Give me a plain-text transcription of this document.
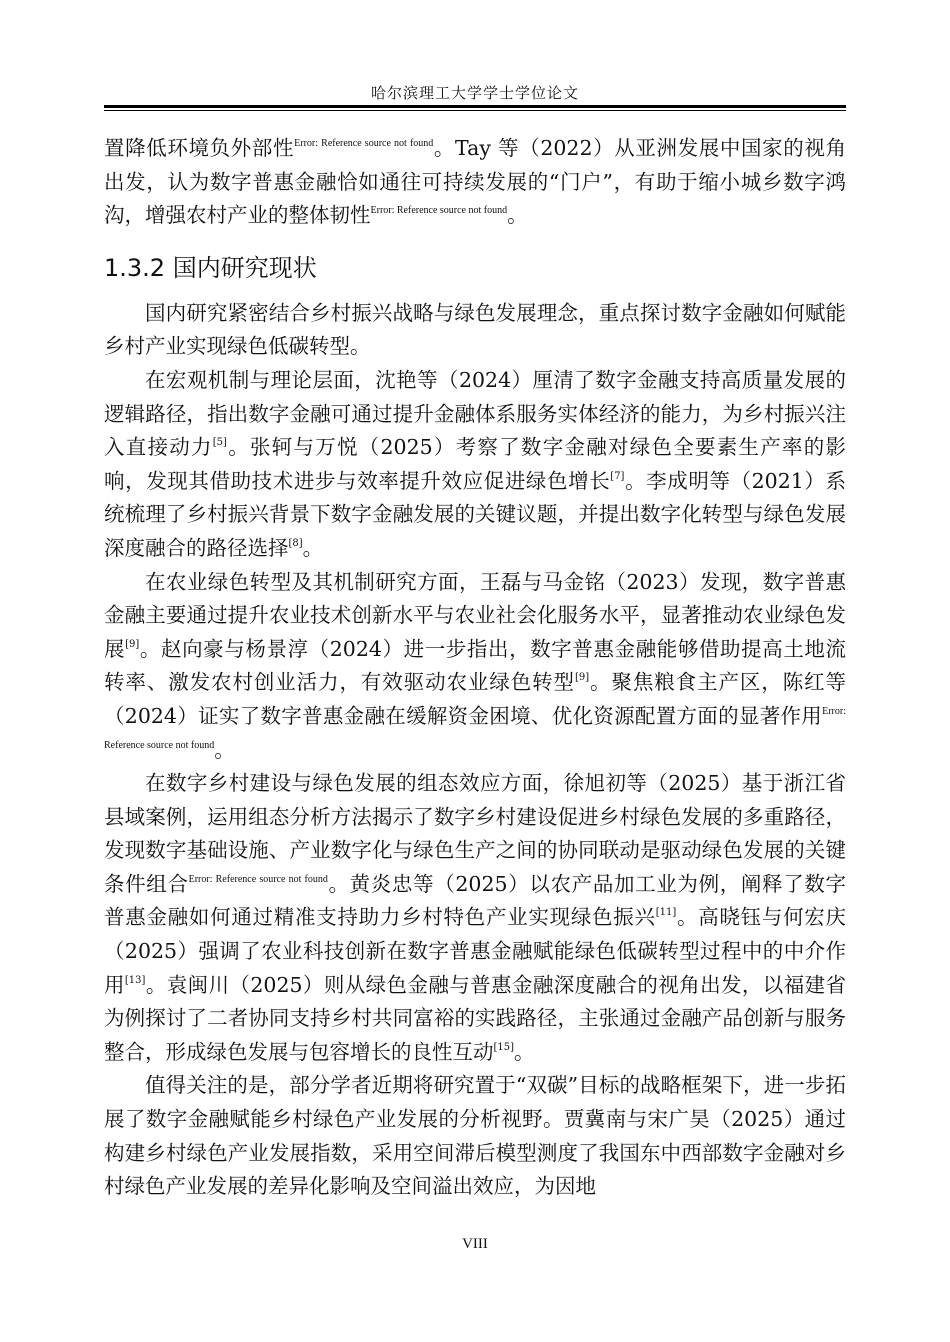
哈尔滨理工大学学士学位论文

置降低环境负外部性$^{Error: Reference source not found}$。Tay 等（2022）从亚洲发展中国家的视角出发，认为数字普惠金融恰如通往可持续发展的“门户”，有助于缩小城乡数字鸿沟，增强农村产业的整体韧性$^{Error: Reference source not found}$。

1.3.2 国内研究现状

国内研究紧密结合乡村振兴战略与绿色发展理念，重点探讨数字金融如何赋能乡村产业实现绿色低碳转型。

在宏观机制与理论层面，沈艳等（2024）厘清了数字金融支持高质量发展的逻辑路径，指出数字金融可通过提升金融体系服务实体经济的能力，为乡村振兴注入直接动力[5]。张轲与万悦（2025）考察了数字金融对绿色全要素生产率的影响，发现其借助技术进步与效率提升效应促进绿色增长[7]。李成明等（2021）系统梳理了乡村振兴背景下数字金融发展的关键议题，并提出数字化转型与绿色发展深度融合的路径选择[8]。

在农业绿色转型及其机制研究方面，王磊与马金铭（2023）发现，数字普惠金融主要通过提升农业技术创新水平与农业社会化服务水平，显著推动农业绿色发展[9]。赵向豪与杨景淳（2024）进一步指出，数字普惠金融能够借助提高土地流转率、激发农村创业活力，有效驱动农业绿色转型[9]。聚焦粮食主产区，陈红等（2024）证实了数字普惠金融在缓解资金困境、优化资源配置方面的显著作用$^{Error: Reference source not found}$。

在数字乡村建设与绿色发展的组态效应方面，徐旭初等（2025）基于浙江省县域案例，运用组态分析方法揭示了数字乡村建设促进乡村绿色发展的多重路径，发现数字基础设施、产业数字化与绿色生产之间的协同联动是驱动绿色发展的关键条件组合$^{Error: Reference source not found}$。黄炎忠等（2025）以农产品加工业为例，阐释了数字普惠金融如何通过精准支持助力乡村特色产业实现绿色振兴[11]。高晓钰与何宏庆（2025）强调了农业科技创新在数字普惠金融赋能绿色低碳转型过程中的中介作用[13]。袁闽川（2025）则从绿色金融与普惠金融深度融合的视角出发，以福建省为例探讨了二者协同支持乡村共同富裕的实践路径，主张通过金融产品创新与服务整合，形成绿色发展与包容增长的良性互动[15]。

值得关注的是，部分学者近期将研究置于“双碳”目标的战略框架下，进一步拓展了数字金融赋能乡村绿色产业发展的分析视野。贾冀南与宋广昊（2025）通过构建乡村绿色产业发展指数，采用空间滞后模型测度了我国东中西部数字金融对乡村绿色产业发展的差异化影响及空间溢出效应，为因地

VIII
